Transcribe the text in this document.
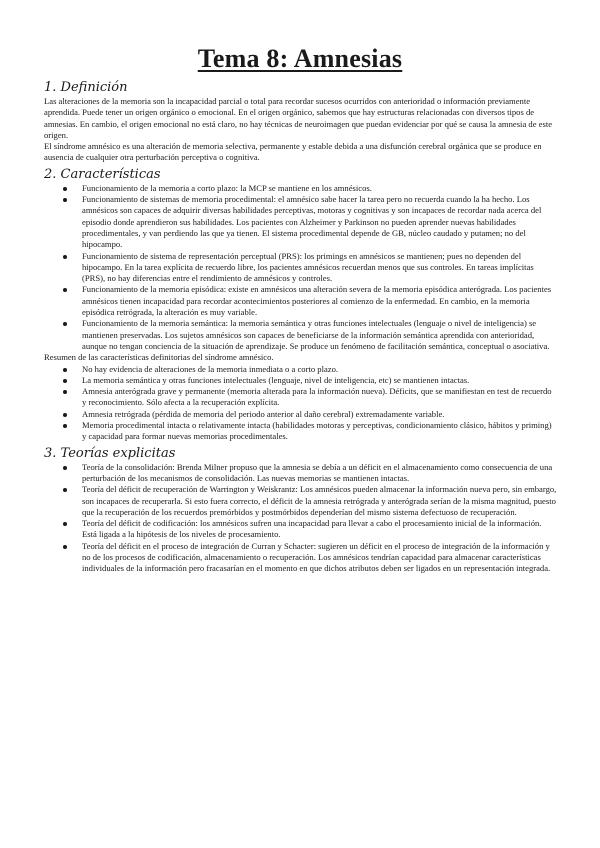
Tema 8: Amnesias
1. Definición

Las alteraciones de la memoria son la incapacidad parcial o total para recordar sucesos ocurridos con anterioridad o información previamente aprendida. Puede tener un origen orgánico o emocional. En el origen orgánico, sabemos que hay estructuras relacionadas con diversos tipos de amnesias. En cambio, el origen emocional no está claro, no hay técnicas de neuroimagen que puedan evidenciar por qué se causa la amnesia de este origen.

El síndrome amnésico es una alteración de memoria selectiva, permanente y estable debida a una disfunción cerebral orgánica que se produce en ausencia de cualquier otra perturbación perceptiva o cognitiva.

2. Características
Funcionamiento de la memoria a corto plazo: la MCP se mantiene en los amnésicos.
Funcionamiento de sistemas de memoria procedimental: el amnésico sabe hacer la tarea pero no recuerda cuando la ha hecho. Los amnésicos son capaces de adquirir diversas habilidades perceptivas, motoras y cognitivas y son incapaces de recordar nada acerca del episodio donde aprendieron sus habilidades. Los pacientes con Alzheimer y Parkinson no pueden aprender nuevas habilidades procedimentales, y van perdiendo las que ya tienen. El sistema procedimental depende de GB, núcleo caudado y putamen; no del hipocampo.
Funcionamiento de sistema de representación perceptual (PRS): los primings en amnésicos se mantienen; pues no dependen del hipocampo. En la tarea explícita de recuerdo libre, los pacientes amnésicos recuerdan menos que sus controles. En tareas implícitas (PRS), no hay diferencias entre el rendimiento de amnésicos y controles.
Funcionamiento de la memoria episódica: existe en amnésicos una alteración severa de la memoria episódica anterógrada. Los pacientes amnésicos tienen incapacidad para recordar acontecimientos posteriores al comienzo de la enfermedad. En cambio, en la memoria episódica retrógrada, la alteración es muy variable.
Funcionamiento de la memoria semántica: la memoria semántica y otras funciones intelectuales (lenguaje o nivel de inteligencia) se mantienen preservadas. Los sujetos amnésicos son capaces de beneficiarse de la información semántica aprendida con anterioridad, aunque no tengan conciencia de la situación de aprendizaje. Se produce un fenómeno de facilitación semántica, conceptual o asociativa.

Resumen de las características definitorias del síndrome amnésico.

No hay evidencia de alteraciones de la memoria inmediata o a corto plazo.
La memoria semántica y otras funciones intelectuales (lenguaje, nivel de inteligencia, etc) se mantienen intactas.
Amnesia anterógrada grave y permanente (memoria alterada para la información nueva). Déficits, que se manifiestan en test de recuerdo y reconocimiento. Sólo afecta a la recuperación explícita.
Amnesia retrógrada (pérdida de memoria del periodo anterior al daño cerebral) extremadamente variable.
Memoria procedimental intacta o relativamente intacta (habilidades motoras y perceptivas, condicionamiento clásico, hábitos y priming) y capacidad para formar nuevas memorias procedimentales.
3. Teorías explicitas
Teoría de la consolidación: Brenda Milner propuso que la amnesia se debía a un déficit en el almacenamiento como consecuencia de una perturbación de los mecanismos de consolidación. Las nuevas memorias se mantienen intactas.
Teoría del déficit de recuperación de Warrington y Weiskrantz: Los amnésicos pueden almacenar la información nueva pero, sin embargo, son incapaces de recuperarla. Si esto fuera correcto, el déficit de la amnesia retrógrada y anterógrada serían de la misma magnitud, puesto que la recuperación de los recuerdos premórbidos y postmórbidos dependerían del mismo sistema defectuoso de recuperación.
Teoría del déficit de codificación: los amnésicos sufren una incapacidad para llevar a cabo el procesamiento inicial de la información. Está ligada a la hipótesis de los niveles de procesamiento.
Teoría del déficit en el proceso de integración de Curran y Schacter: sugieren un déficit en el proceso de integración de la información y no de los procesos de codificación, almacenamiento o recuperación. Los amnésicos tendrían capacidad para almacenar características individuales de la información pero fracasarían en el momento en que dichos atributos deben ser ligados en un representación integrada.
